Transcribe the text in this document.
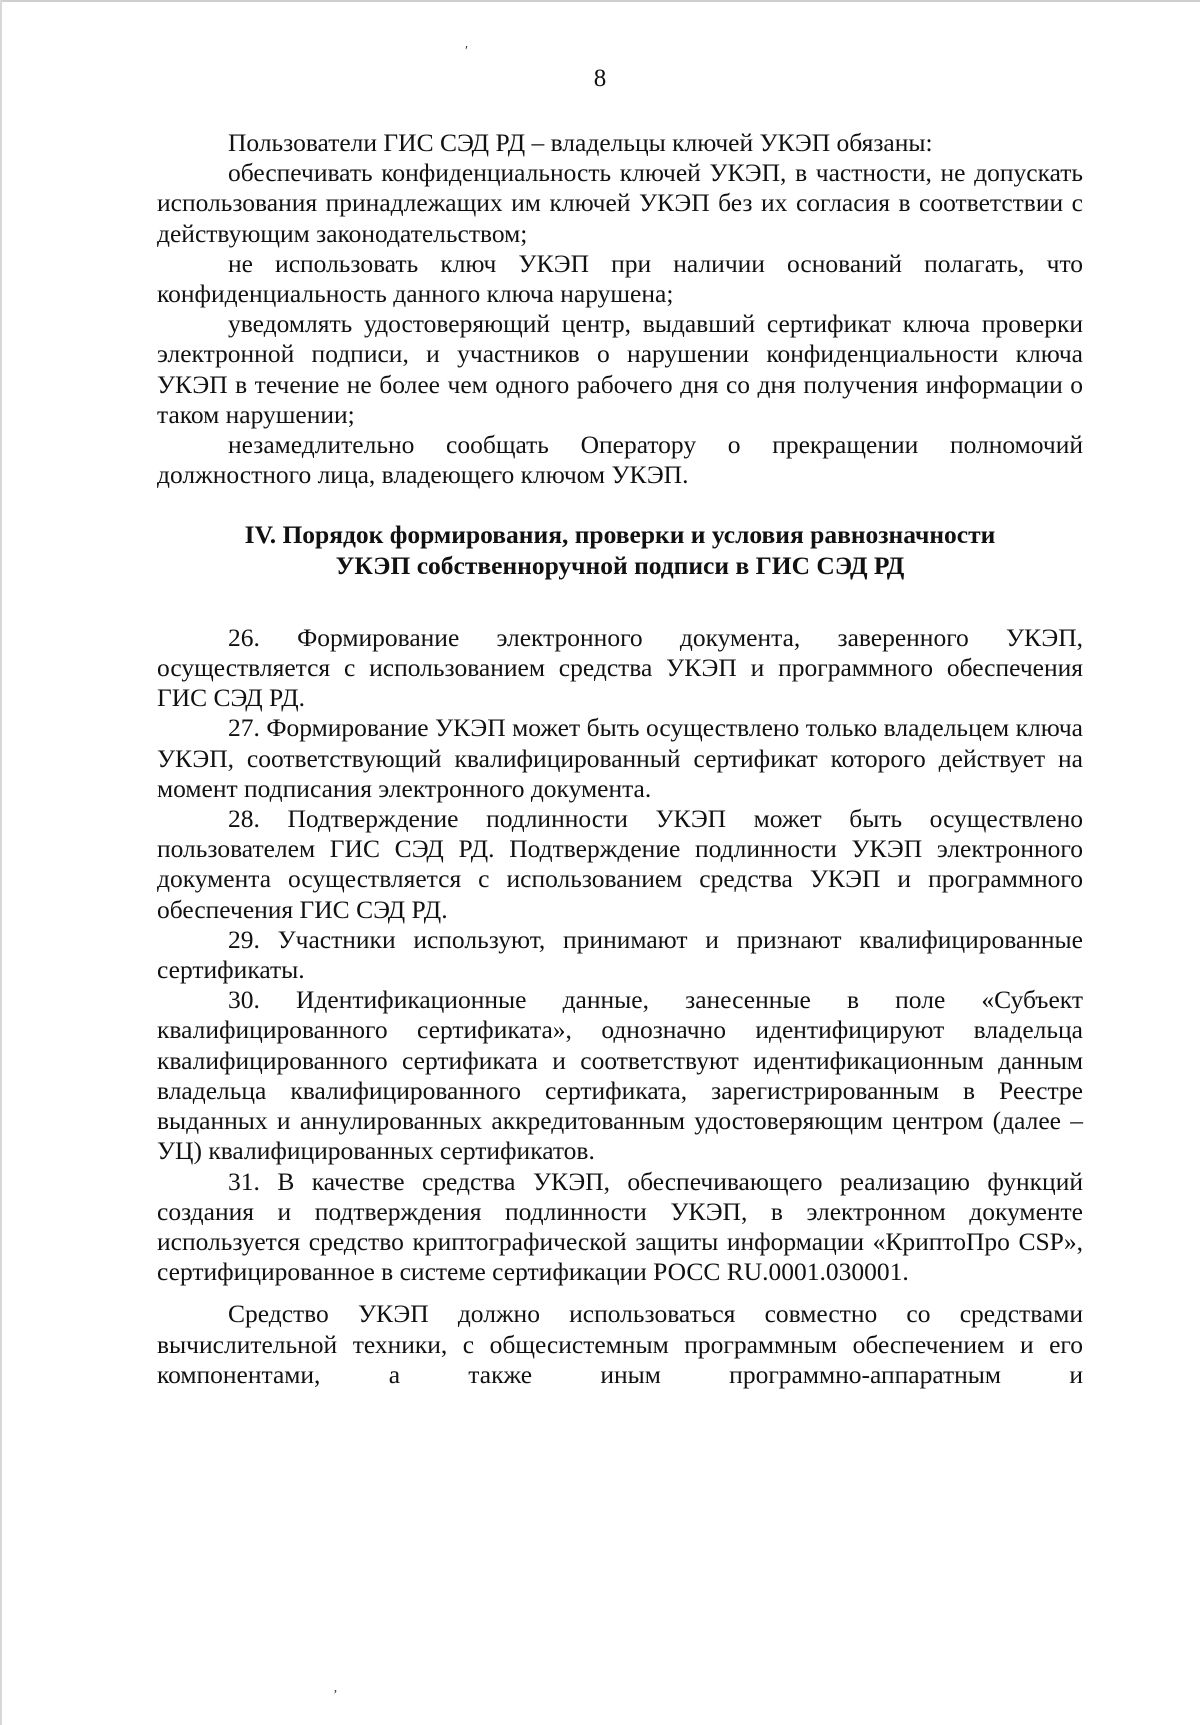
′
8

Пользователи ГИС СЭД РД – владельцы ключей УКЭП обязаны:

обеспечивать конфиденциальность ключей УКЭП, в частности, не допускать использования принадлежащих им ключей УКЭП без их согласия в соответствии с действующим законодательством;

не использовать ключ УКЭП при наличии оснований полагать, что конфиденциальность данного ключа нарушена;

уведомлять удостоверяющий центр, выдавший сертификат ключа проверки электронной подписи, и участников о нарушении конфиденциальности ключа УКЭП в течение не более чем одного рабочего дня со дня получения информации о таком нарушении;

незамедлительно сообщать Оператору о прекращении полномочий должностного лица, владеющего ключом УКЭП.

IV. Порядок формирования, проверки и условия равнозначности
УКЭП собственноручной подписи в ГИС СЭД РД

26. Формирование электронного документа, заверенного УКЭП, осуществляется с использованием средства УКЭП и программного обеспечения ГИС СЭД РД.

27. Формирование УКЭП может быть осуществлено только владельцем ключа УКЭП, соответствующий квалифицированный сертификат которого действует на момент подписания электронного документа.

28. Подтверждение подлинности УКЭП может быть осуществлено пользователем ГИС СЭД РД. Подтверждение подлинности УКЭП электронного документа осуществляется с использованием средства УКЭП и программного обеспечения ГИС СЭД РД.

29. Участники используют, принимают и признают квалифицированные сертификаты.

30. Идентификационные данные, занесенные в поле «Субъект квалифицированного сертификата», однозначно идентифицируют владельца квалифицированного сертификата и соответствуют идентификационным данным владельца квалифицированного сертификата, зарегистрированным в Реестре выданных и аннулированных аккредитованным удостоверяющим центром (далее – УЦ) квалифицированных сертификатов.

31. В качестве средства УКЭП, обеспечивающего реализацию функций создания и подтверждения подлинности УКЭП, в электронном документе используется средство криптографической защиты информации «КриптоПро CSP», сертифицированное в системе сертификации РОСС RU.0001.030001.

Средство УКЭП должно использоваться совместно со средствами вычислительной техники, с общесистемным программным обеспечением и его компонентами, а также иным программно-аппаратным и

’
